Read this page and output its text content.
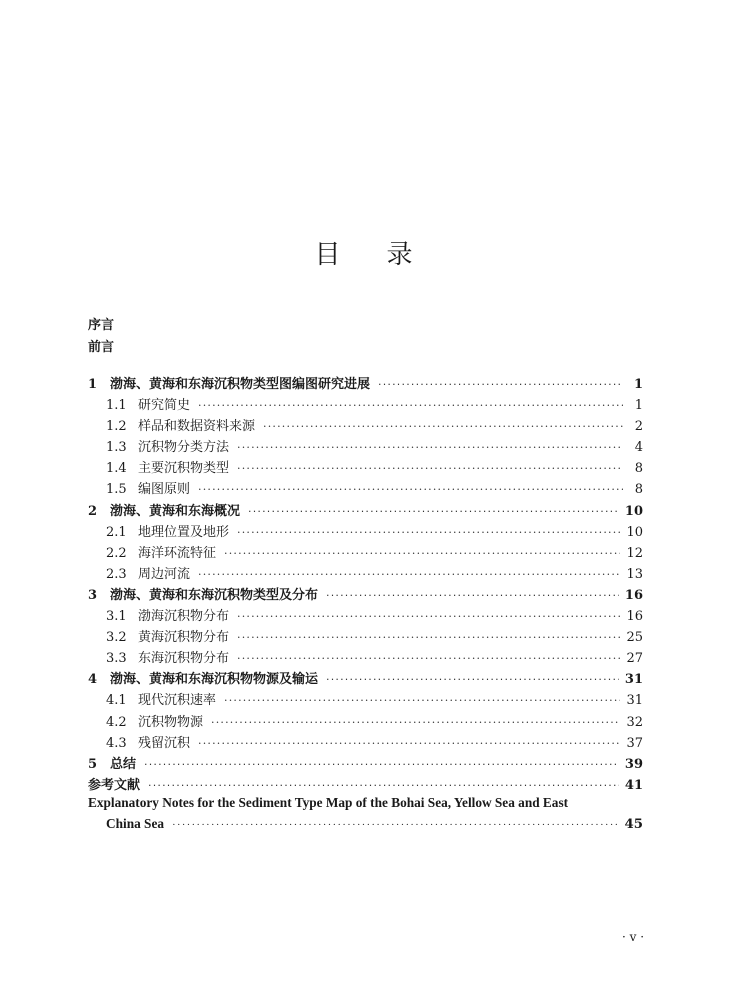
目 录
序言
前言
1 渤海、黄海和东海沉积物类型图编图研究进展 ·····	1
1.1 研究简史 ·····	1
1.2 样品和数据资料来源 ·····	2
1.3 沉积物分类方法 ·····	4
1.4 主要沉积物类型 ·····	8
1.5 编图原则 ·····	8
2 渤海、黄海和东海概况 ·····	10
2.1 地理位置及地形 ·····	10
2.2 海洋环流特征 ·····	12
2.3 周边河流 ·····	13
3 渤海、黄海和东海沉积物类型及分布 ·····	16
3.1 渤海沉积物分布 ·····	16
3.2 黄海沉积物分布 ·····	25
3.3 东海沉积物分布 ·····	27
4 渤海、黄海和东海沉积物物源及输运 ·····	31
4.1 现代沉积速率 ·····	31
4.2 沉积物物源 ·····	32
4.3 残留沉积 ·····	37
5 总结 ·····	39
参考文献 ·····	41
Explanatory Notes for the Sediment Type Map of the Bohai Sea, Yellow Sea and East
China Sea ·····	45
· v ·
